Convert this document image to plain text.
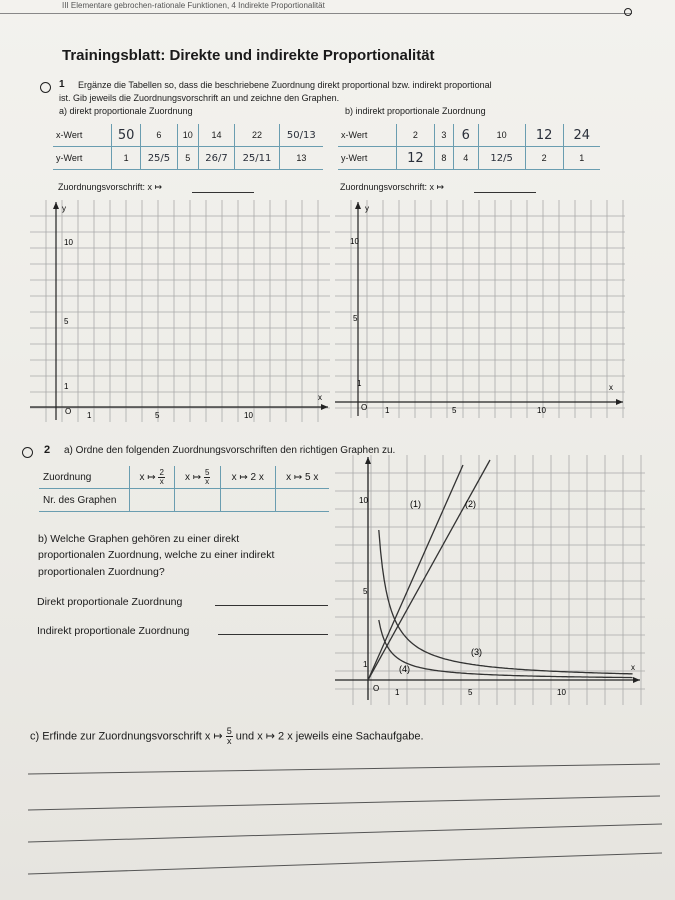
III Elementare gebrochen-rationale Funktionen, 4 Indirekte Proportionalität
Trainingsblatt: Direkte und indirekte Proportionalität
1 Ergänze die Tabellen so, dass die beschriebene Zuordnung direkt proportional bzw. indirekt proportional
ist. Gib jeweils die Zuordnungsvorschrift an und zeichne den Graphen.
a) direkt proportionale Zuordnung	b) indirekt proportionale Zuordnung
x-Wert	50	6	10	14	22	50/13
y-Wert	1	25/5	5	26/7	25/11	13
x-Wert	2	3	6	10	12	24
y-Wert	12	8	4	12/5	2	1
Zuordnungsvorschrift: x ↦	Zuordnungsvorschrift: x ↦
y
x
10
5
1
O 1	5	10
y
x
10
5
1
O 1	5	10
2 a) Ordne den folgenden Zuordnungsvorschriften den richtigen Graphen zu.
Zuordnung	x ↦ $\frac{2}{x}$	x ↦ $\frac{5}{x}$	x ↦ 2 x	x ↦ 5 x
Nr. des Graphen				
b) Welche Graphen gehören zu einer direkt
proportionalen Zuordnung, welche zu einer indirekt
proportionalen Zuordnung?
Direkt proportionale Zuordnung
Indirekt proportionale Zuordnung
10
5
1
O 1	5	10
x
(1)	(2)
(3)
(4)
c) Erfinde zur Zuordnungsvorschrift x ↦ $\frac{5}{x}$ und x ↦ 2 x jeweils eine Sachaufgabe.
